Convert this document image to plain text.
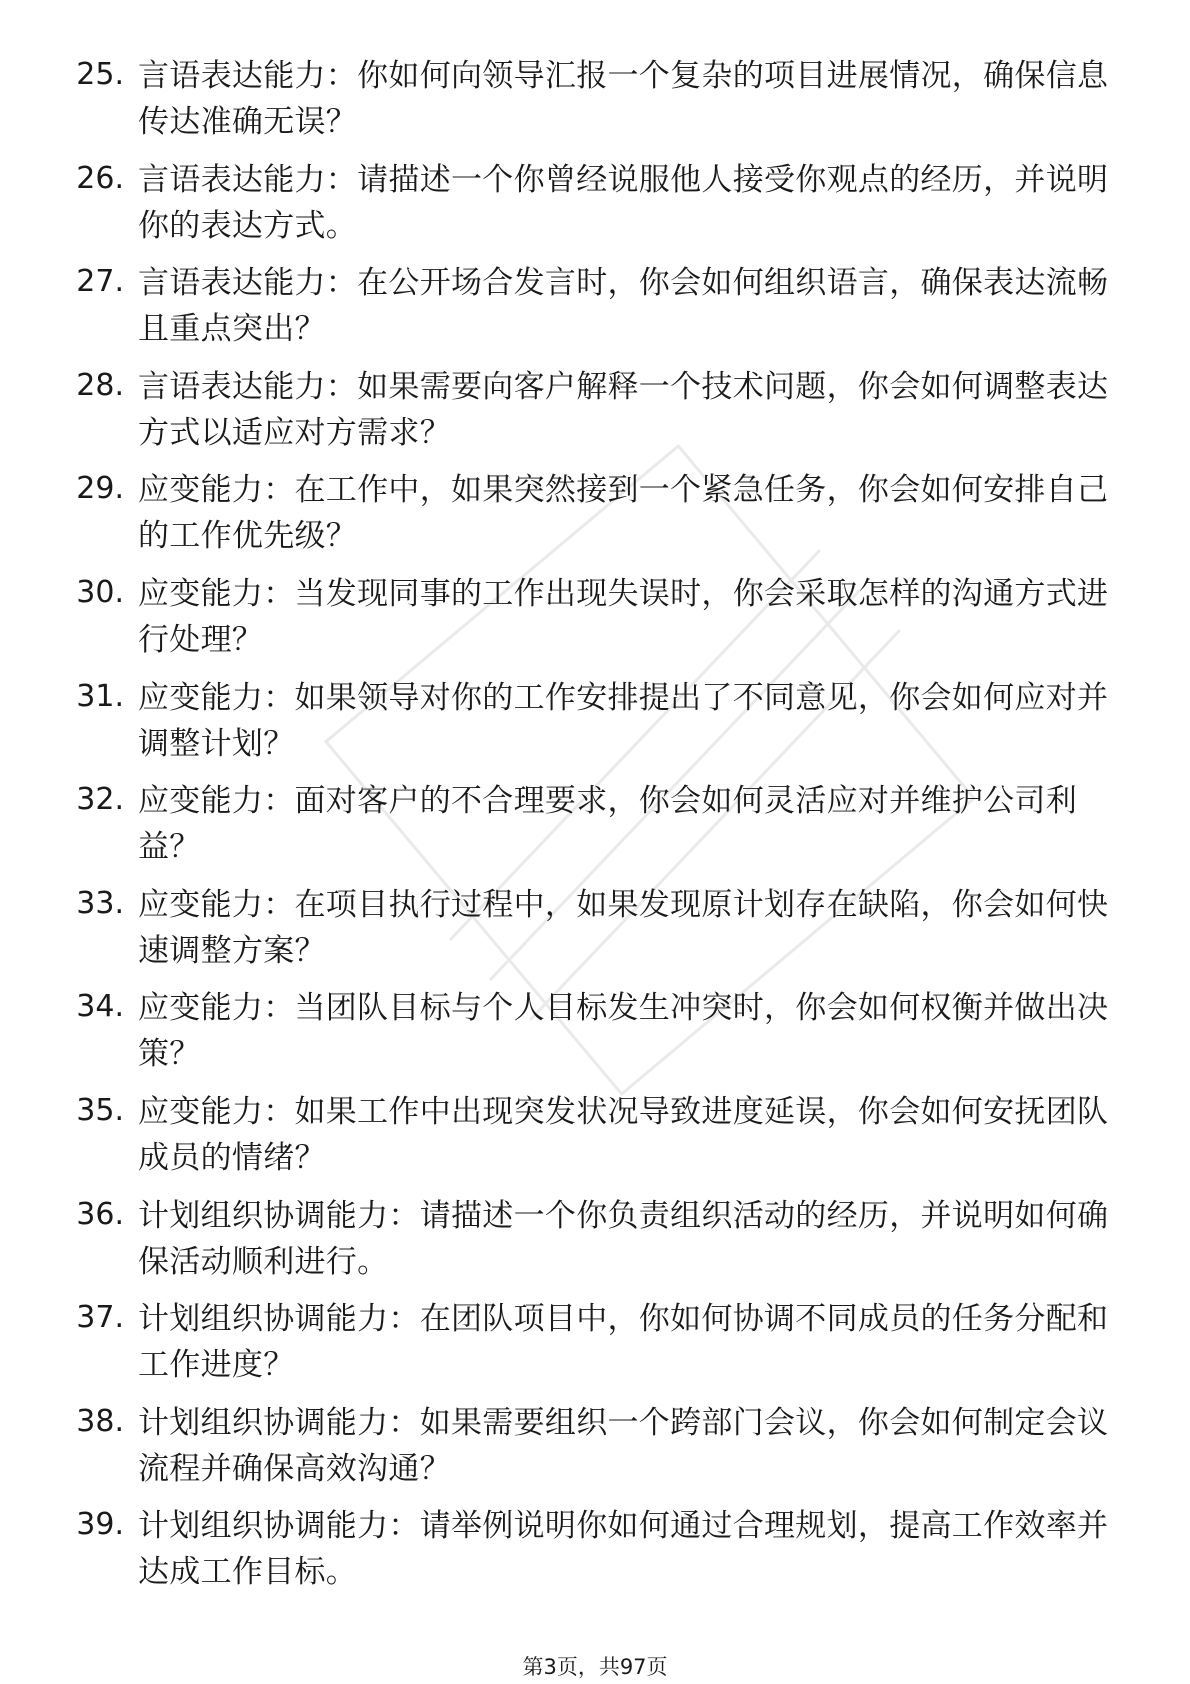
25. 言语表达能力：你如何向领导汇报一个复杂的项目进展情况，确保信息传达准确无误？
26. 言语表达能力：请描述一个你曾经说服他人接受你观点的经历，并说明你的表达方式。
27. 言语表达能力：在公开场合发言时，你会如何组织语言，确保表达流畅且重点突出？
28. 言语表达能力：如果需要向客户解释一个技术问题，你会如何调整表达方式以适应对方需求？
29. 应变能力：在工作中，如果突然接到一个紧急任务，你会如何安排自己的工作优先级？
30. 应变能力：当发现同事的工作出现失误时，你会采取怎样的沟通方式进行处理？
31. 应变能力：如果领导对你的工作安排提出了不同意见，你会如何应对并调整计划？
32. 应变能力：面对客户的不合理要求，你会如何灵活应对并维护公司利益？
33. 应变能力：在项目执行过程中，如果发现原计划存在缺陷，你会如何快速调整方案？
34. 应变能力：当团队目标与个人目标发生冲突时，你会如何权衡并做出决策？
35. 应变能力：如果工作中出现突发状况导致进度延误，你会如何安抚团队成员的情绪？
36. 计划组织协调能力：请描述一个你负责组织活动的经历，并说明如何确保活动顺利进行。
37. 计划组织协调能力：在团队项目中，你如何协调不同成员的任务分配和工作进度？
38. 计划组织协调能力：如果需要组织一个跨部门会议，你会如何制定会议流程并确保高效沟通？
39. 计划组织协调能力：请举例说明你如何通过合理规划，提高工作效率并达成工作目标。
第3页，共97页
